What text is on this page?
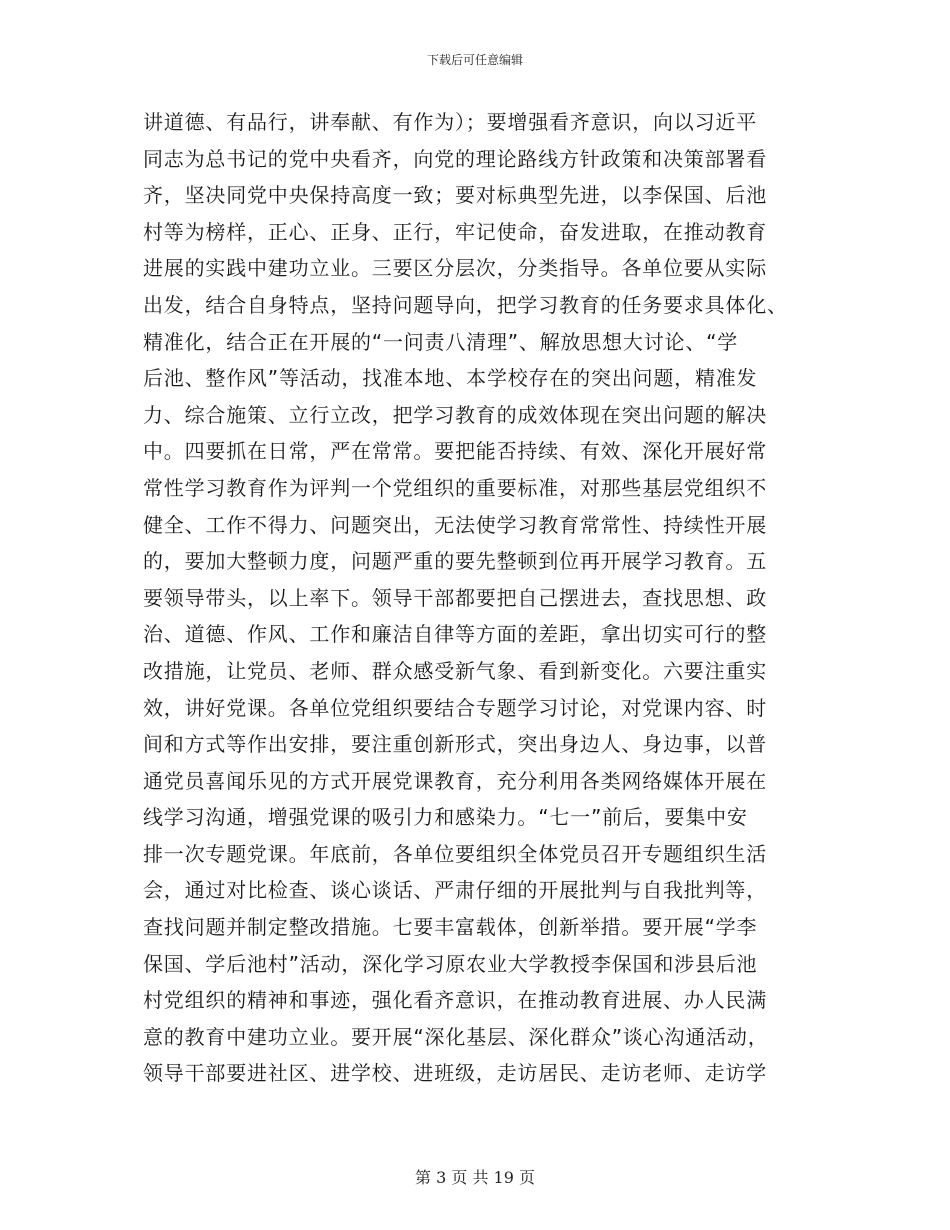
下载后可任意编辑
讲道德、有品行，讲奉献、有作为）；要增强看齐意识，向以习近平
同志为总书记的党中央看齐，向党的理论路线方针政策和决策部署看
齐，坚决同党中央保持高度一致；要对标典型先进，以李保国、后池
村等为榜样，正心、正身、正行，牢记使命，奋发进取，在推动教育
进展的实践中建功立业。三要区分层次，分类指导。各单位要从实际
出发，结合自身特点，坚持问题导向，把学习教育的任务要求具体化、
精准化，结合正在开展的“一问责八清理”、解放思想大讨论、“学
后池、整作风”等活动，找准本地、本学校存在的突出问题，精准发
力、综合施策、立行立改，把学习教育的成效体现在突出问题的解决
中。四要抓在日常，严在常常。要把能否持续、有效、深化开展好常
常性学习教育作为评判一个党组织的重要标准，对那些基层党组织不
健全、工作不得力、问题突出，无法使学习教育常常性、持续性开展
的，要加大整顿力度，问题严重的要先整顿到位再开展学习教育。五
要领导带头，以上率下。领导干部都要把自己摆进去，查找思想、政
治、道德、作风、工作和廉洁自律等方面的差距，拿出切实可行的整
改措施，让党员、老师、群众感受新气象、看到新变化。六要注重实
效，讲好党课。各单位党组织要结合专题学习讨论，对党课内容、时
间和方式等作出安排，要注重创新形式，突出身边人、身边事，以普
通党员喜闻乐见的方式开展党课教育，充分利用各类网络媒体开展在
线学习沟通，增强党课的吸引力和感染力。“七一”前后，要集中安
排一次专题党课。年底前，各单位要组织全体党员召开专题组织生活
会，通过对比检查、谈心谈话、严肃仔细的开展批判与自我批判等，
查找问题并制定整改措施。七要丰富载体，创新举措。要开展“学李
保国、学后池村”活动，深化学习原农业大学教授李保国和涉县后池
村党组织的精神和事迹，强化看齐意识，在推动教育进展、办人民满
意的教育中建功立业。要开展“深化基层、深化群众”谈心沟通活动，
领导干部要进社区、进学校、进班级，走访居民、走访老师、走访学
第 3 页 共 19 页
